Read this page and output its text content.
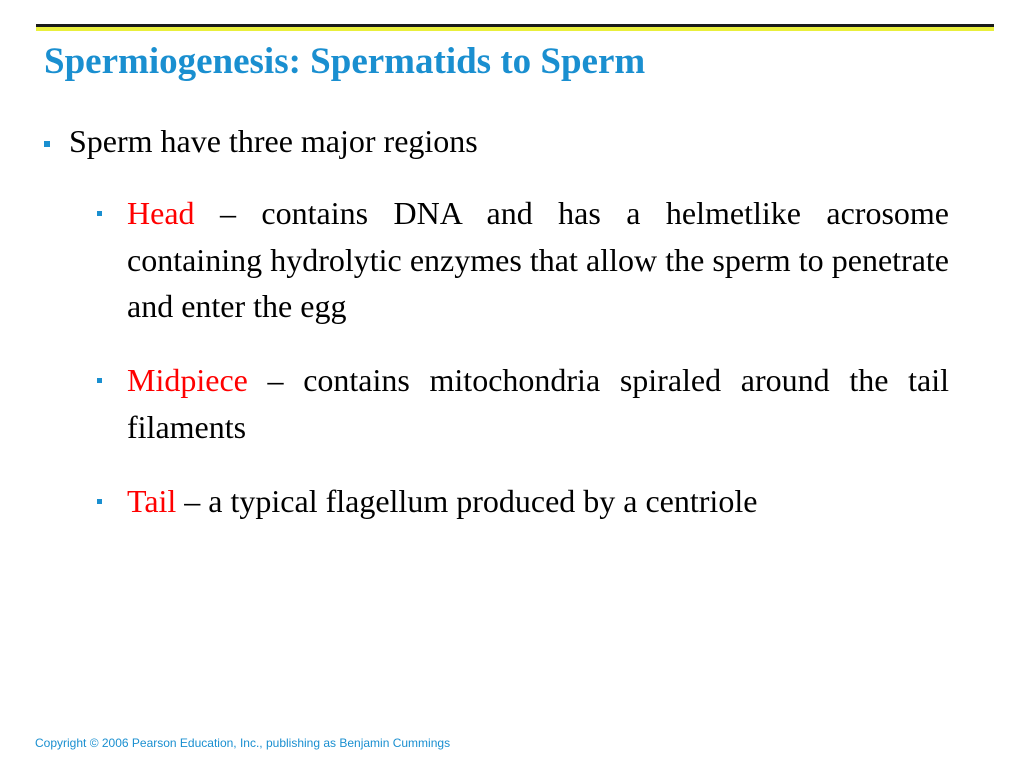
Spermiogenesis: Spermatids to Sperm
Sperm have three major regions
Head – contains DNA and has a helmetlike acrosome containing hydrolytic enzymes that allow the sperm to penetrate and enter the egg
Midpiece – contains mitochondria spiraled around the tail filaments
Tail – a typical flagellum produced by a centriole
Copyright © 2006 Pearson Education, Inc., publishing as Benjamin Cummings
